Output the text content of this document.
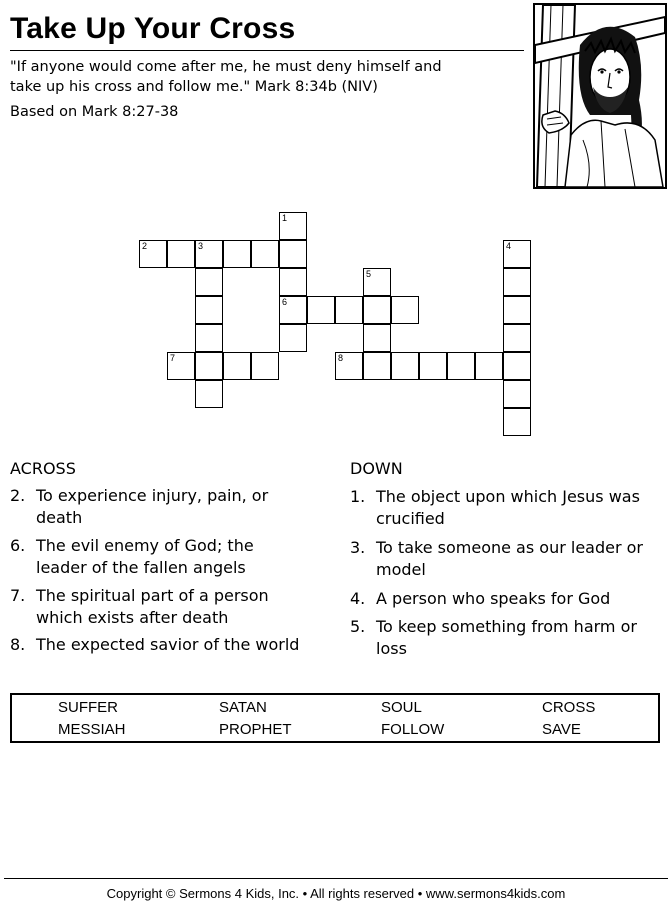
Take Up Your Cross
"If anyone would come after me, he must deny himself and
take up his cross and follow me." Mark 8:34b (NIV)
Based on Mark 8:27-38
1
6
2	3
7
5
8
4
ACROSS	DOWN
2. To experience injury, pain, or
death
6. The evil enemy of God; the
leader of the fallen angels
7. The spiritual part of a person
which exists after death
8. The expected savior of the world
1. The object upon which Jesus was
crucified
3. To take someone as our leader or
model
4. A person who speaks for God
5. To keep something from harm or
loss
SUFFER	SATAN	SOUL	CROSS
MESSIAH	PROPHET	FOLLOW	SAVE
Copyright © Sermons 4 Kids, Inc. • All rights reserved • www.sermons4kids.com
